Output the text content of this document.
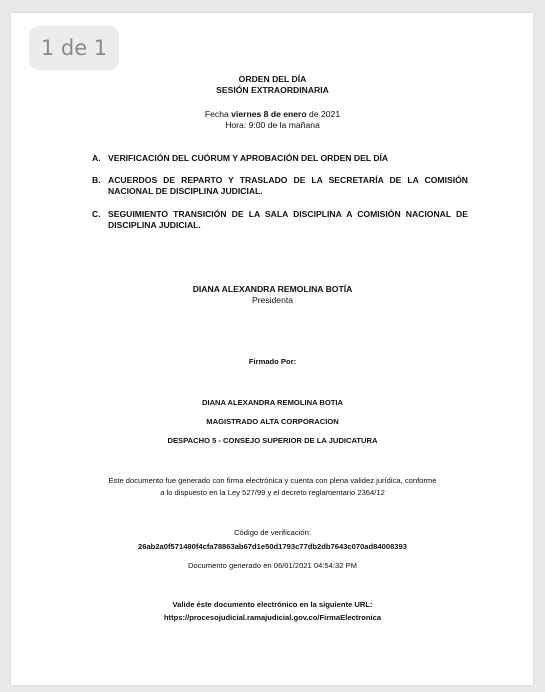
1 de 1
ORDEN DEL DÍA
SESIÓN EXTRAORDINARIA
Fecha viernes 8 de enero de 2021
Hora: 9:00 de la mañana
A. VERIFICACIÓN DEL CUÓRUM Y APROBACIÓN DEL ORDEN DEL DÍA
B. ACUERDOS DE REPARTO Y TRASLADO DE LA SECRETARÍA DE LA COMISIÓN NACIONAL DE DISCIPLINA JUDICIAL.
C. SEGUIMIENTO TRANSICIÓN DE LA SALA DISCIPLINA A COMISIÓN NACIONAL DE DISCIPLINA JUDICIAL.
DIANA ALEXANDRA REMOLINA BOTÍA
Presidenta
Firmado Por:
DIANA ALEXANDRA REMOLINA BOTIA
MAGISTRADO ALTA CORPORACION
DESPACHO 5 - CONSEJO SUPERIOR DE LA JUDICATURA
Este documento fue generado con firma electrónica y cuenta con plena validez jurídica, conforme
a lo dispuesto en la Ley 527/99 y el decreto reglamentario 2364/12
Código de verificación:
26ab2a0f571480f4cfa78863ab67d1e50d1793c77db2db7643c070ad84008393
Documento generado en 06/01/2021 04:54:32 PM
Valide éste documento electrónico en la siguiente URL:
https://procesojudicial.ramajudicial.gov.co/FirmaElectronica
